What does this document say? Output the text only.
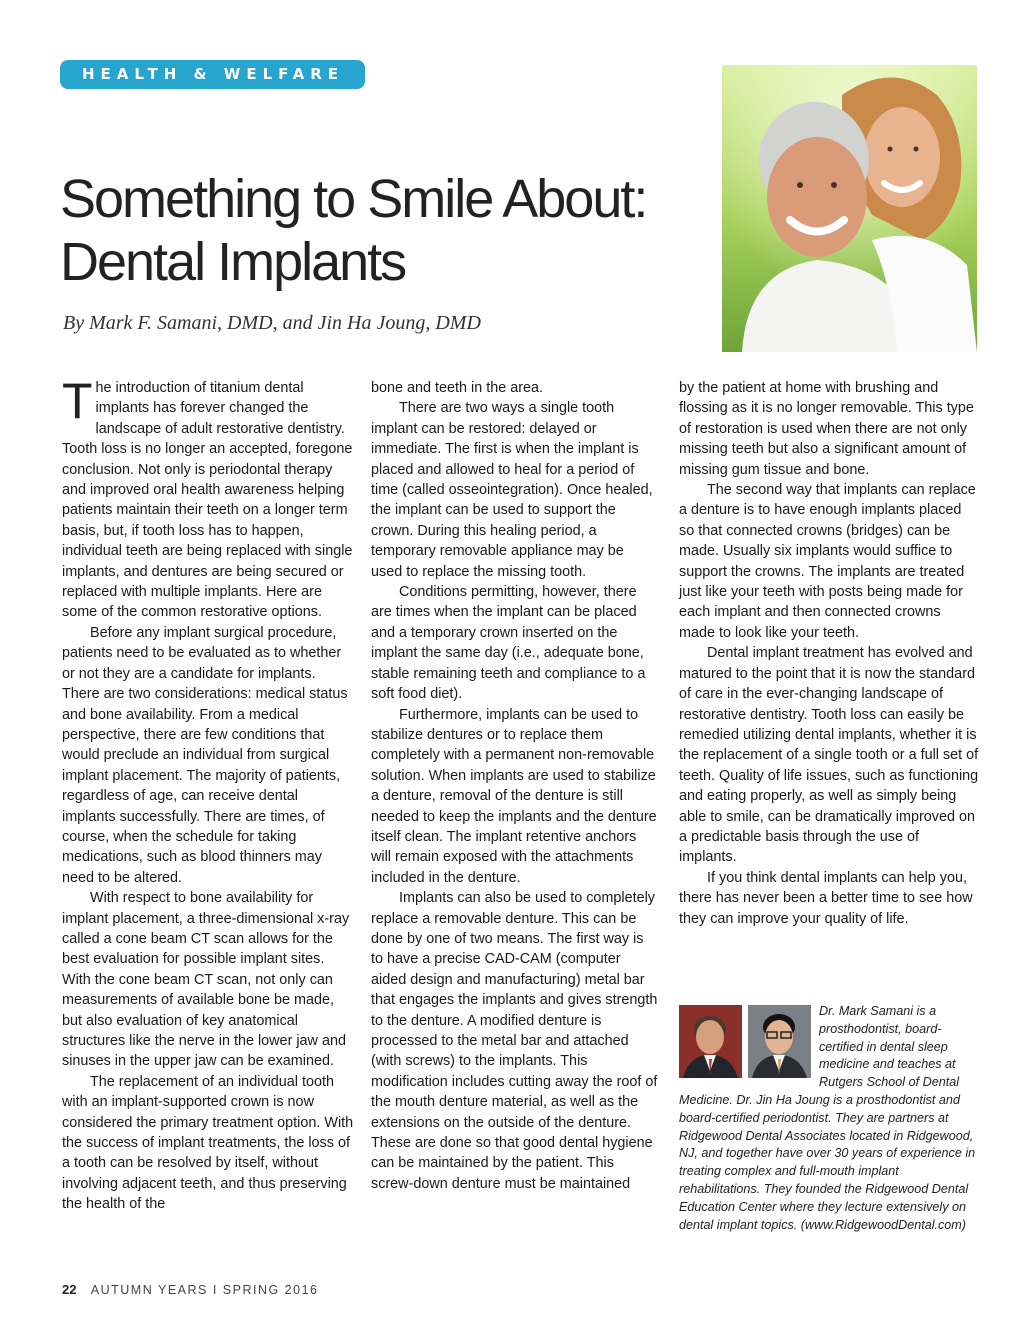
HEALTH & WELFARE
Something to Smile About:
Dental Implants
By Mark F. Samani, DMD, and Jin Ha Joung, DMD

The introduction of titanium dental implants has forever changed the landscape of adult restorative dentistry. Tooth loss is no longer an accepted, foregone conclusion. Not only is periodontal therapy and improved oral health awareness helping patients maintain their teeth on a longer term basis, but, if tooth loss has to happen, individual teeth are being replaced with single implants, and dentures are being secured or replaced with multiple implants. Here are some of the common restorative options.

Before any implant surgical procedure, patients need to be evaluated as to whether or not they are a candidate for implants. There are two considerations: medical status and bone availability. From a medical perspective, there are few conditions that would preclude an individual from surgical implant placement. The majority of patients, regardless of age, can receive dental implants successfully. There are times, of course, when the schedule for taking medications, such as blood thinners may need to be altered.

With respect to bone availability for implant placement, a three-dimensional x-ray called a cone beam CT scan allows for the best evaluation for possible implant sites. With the cone beam CT scan, not only can measurements of available bone be made, but also evaluation of key anatomical structures like the nerve in the lower jaw and sinuses in the upper jaw can be examined.

The replacement of an individual tooth with an implant-supported crown is now considered the primary treatment option. With the success of implant treatments, the loss of a tooth can be resolved by itself, without involving adjacent teeth, and thus preserving the health of the

bone and teeth in the area.

There are two ways a single tooth implant can be restored: delayed or immediate. The first is when the implant is placed and allowed to heal for a period of time (called osseointegration). Once healed, the implant can be used to support the crown. During this healing period, a temporary removable appliance may be used to replace the missing tooth.

Conditions permitting, however, there are times when the implant can be placed and a temporary crown inserted on the implant the same day (i.e., adequate bone, stable remaining teeth and compliance to a soft food diet).

Furthermore, implants can be used to stabilize dentures or to replace them completely with a permanent non-removable solution. When implants are used to stabilize a denture, removal of the denture is still needed to keep the implants and the denture itself clean. The implant retentive anchors will remain exposed with the attachments included in the denture.

Implants can also be used to completely replace a removable denture. This can be done by one of two means. The first way is to have a precise CAD-CAM (computer aided design and manufacturing) metal bar that engages the implants and gives strength to the denture. A modified denture is processed to the metal bar and attached (with screws) to the implants. This modification includes cutting away the roof of the mouth denture material, as well as the extensions on the outside of the denture. These are done so that good dental hygiene can be maintained by the patient. This screw-down denture must be maintained

by the patient at home with brushing and flossing as it is no longer removable. This type of restoration is used when there are not only missing teeth but also a significant amount of missing gum tissue and bone.

The second way that implants can replace a denture is to have enough implants placed so that connected crowns (bridges) can be made. Usually six implants would suffice to support the crowns. The implants are treated just like your teeth with posts being made for each implant and then connected crowns made to look like your teeth.

Dental implant treatment has evolved and matured to the point that it is now the standard of care in the ever-changing landscape of restorative dentistry. Tooth loss can easily be remedied utilizing dental implants, whether it is the replacement of a single tooth or a full set of teeth. Quality of life issues, such as functioning and eating properly, as well as simply being able to smile, can be dramatically improved on a predictable basis through the use of implants.

If you think dental implants can help you, there has never been a better time to see how they can improve your quality of life.

Dr. Mark Samani is a prosthodontist, board-certified in dental sleep medicine and teaches at Rutgers School of Dental Medicine. Dr. Jin Ha Joung is a prosthodontist and board-certified periodontist. They are partners at Ridgewood Dental Associates located in Ridgewood, NJ, and together have over 30 years of experience in treating complex and full-mouth implant rehabilitations. They founded the Ridgewood Dental Education Center where they lecture extensively on dental implant topics. (www.RidgewoodDental.com)
22 AUTUMN YEARS I SPRING 2016
